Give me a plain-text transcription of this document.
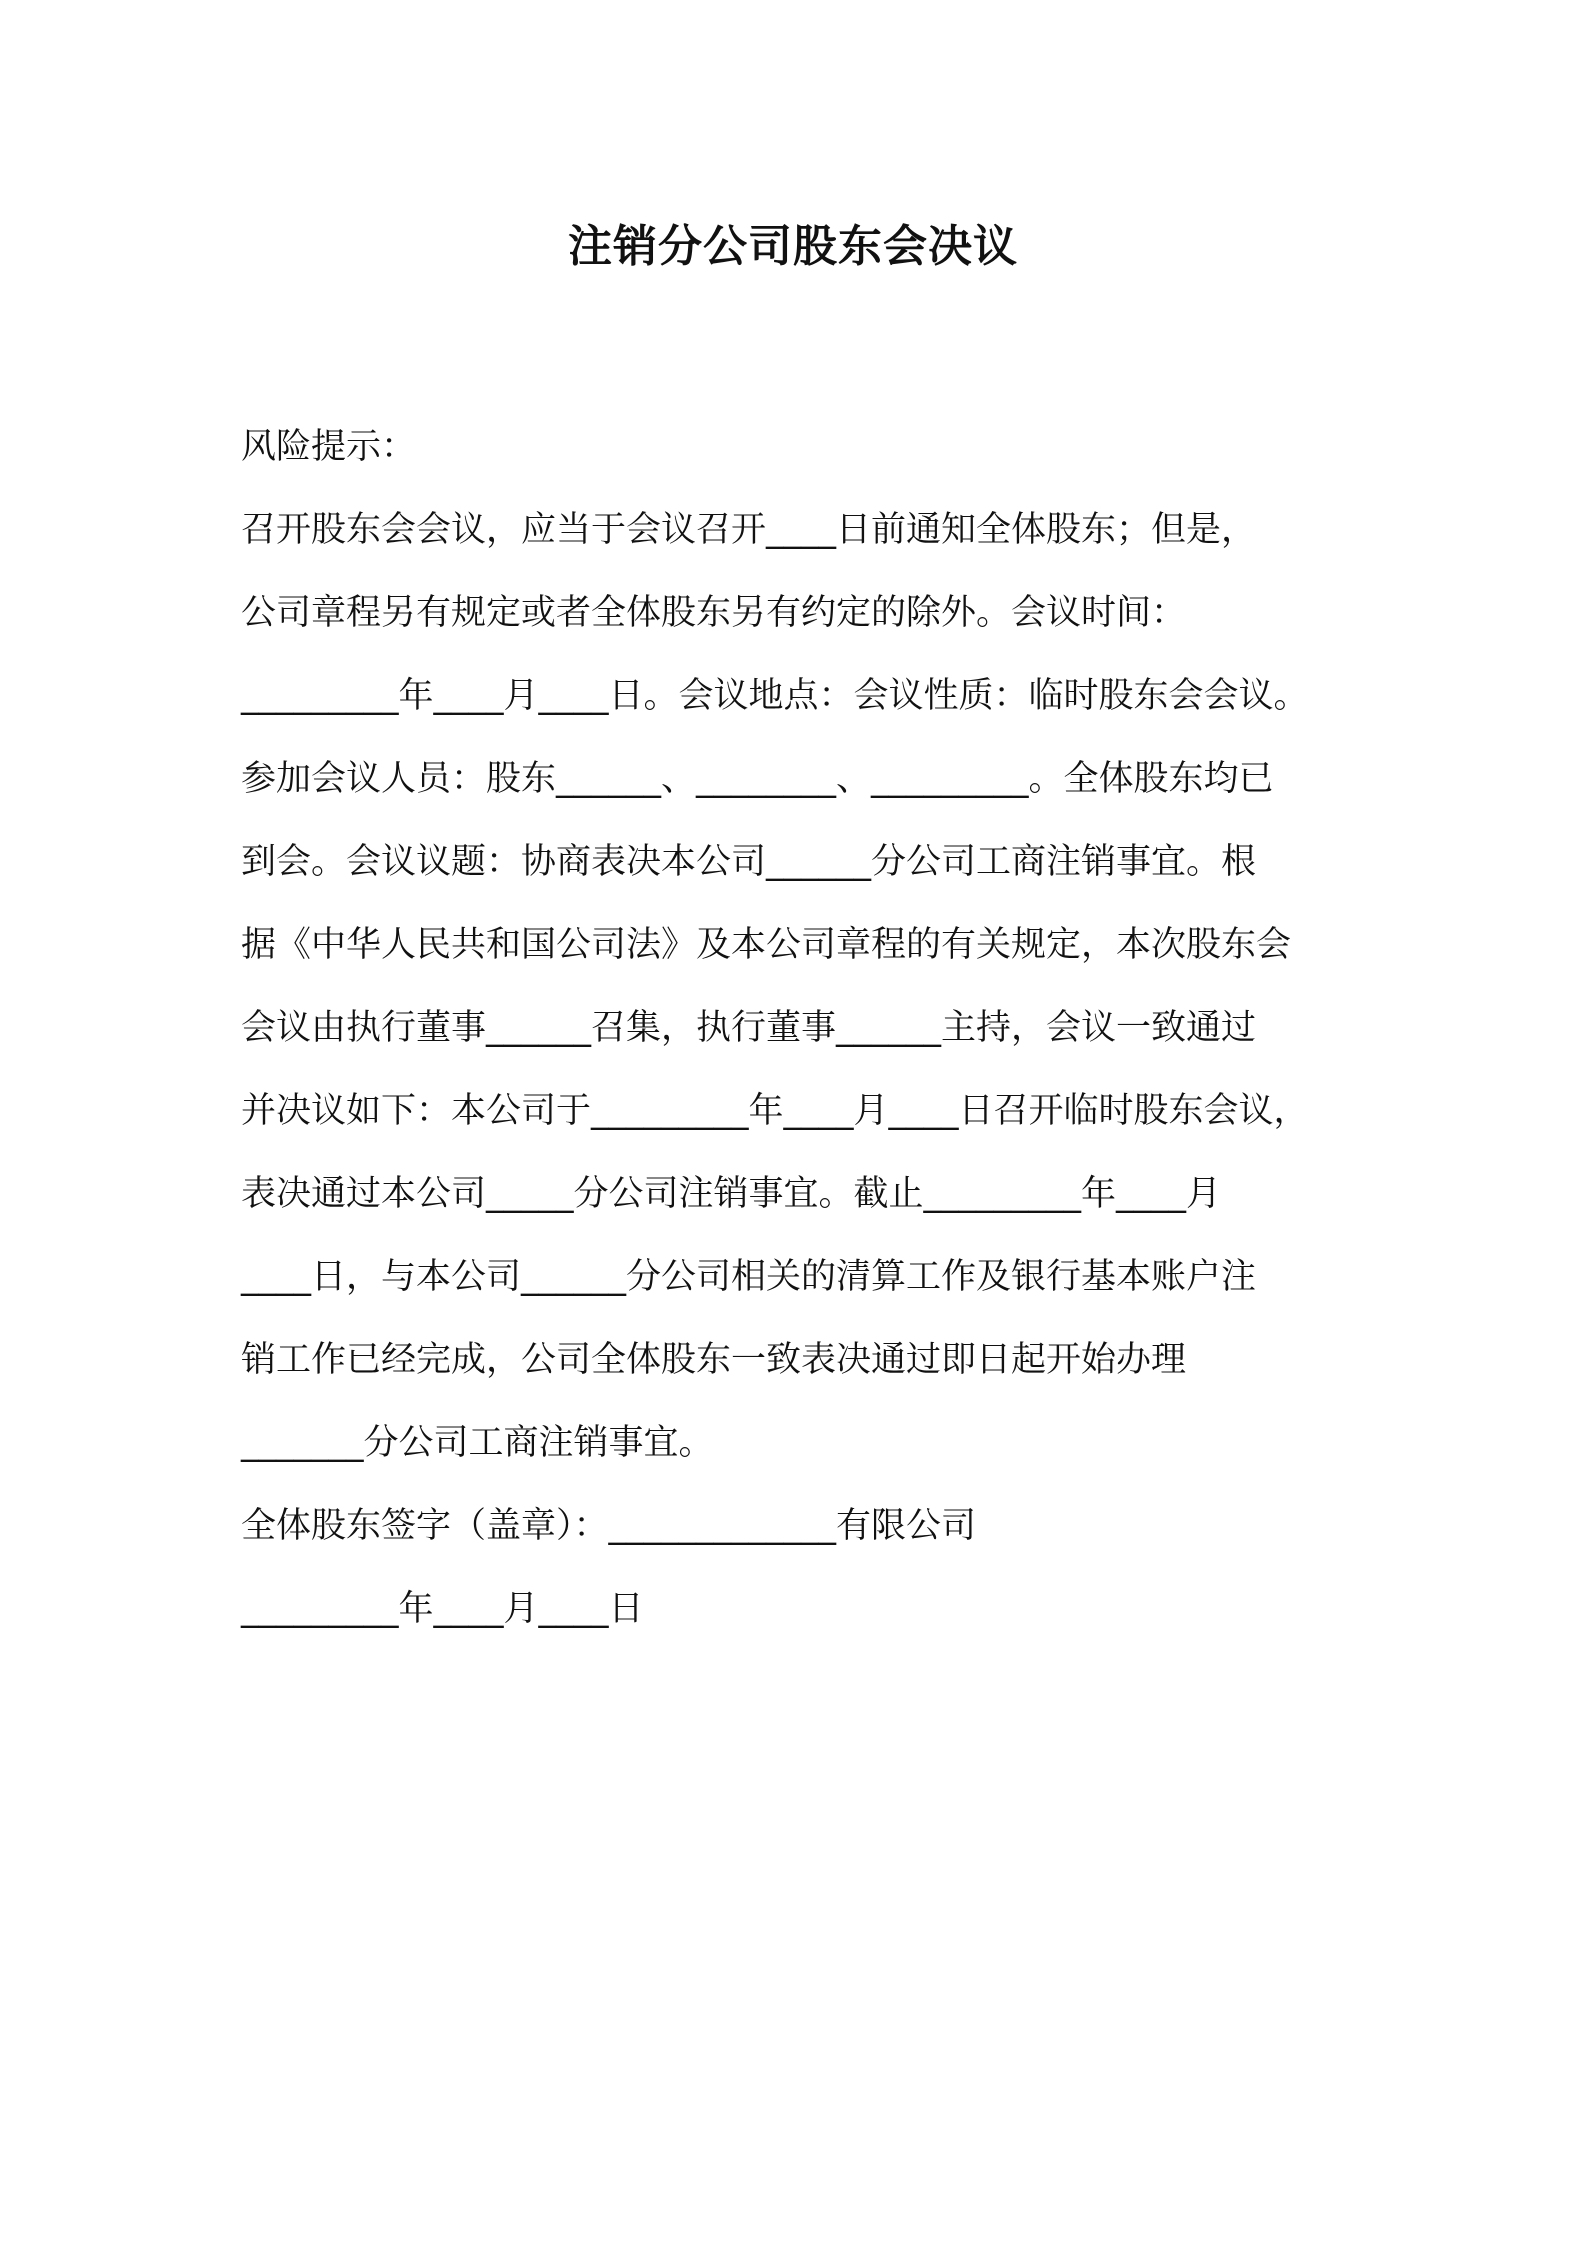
注销分公司股东会决议

风险提示：

召开股东会会议，应当于会议召开____日前通知全体股东；但是，

公司章程另有规定或者全体股东另有约定的除外。会议时间：

_________年____月____日。会议地点：会议性质：临时股东会会议。

参加会议人员：股东______、________、_________。全体股东均已

到会。会议议题：协商表决本公司______分公司工商注销事宜。根

据《中华人民共和国公司法》及本公司章程的有关规定，本次股东会

会议由执行董事______召集，执行董事______主持，会议一致通过

并决议如下：本公司于_________年____月____日召开临时股东会议，

表决通过本公司_____分公司注销事宜。截止_________年____月

____日，与本公司______分公司相关的清算工作及银行基本账户注

销工作已经完成，公司全体股东一致表决通过即日起开始办理

_______分公司工商注销事宜。

全体股东签字（盖章）：_____________有限公司

_________年____月____日
